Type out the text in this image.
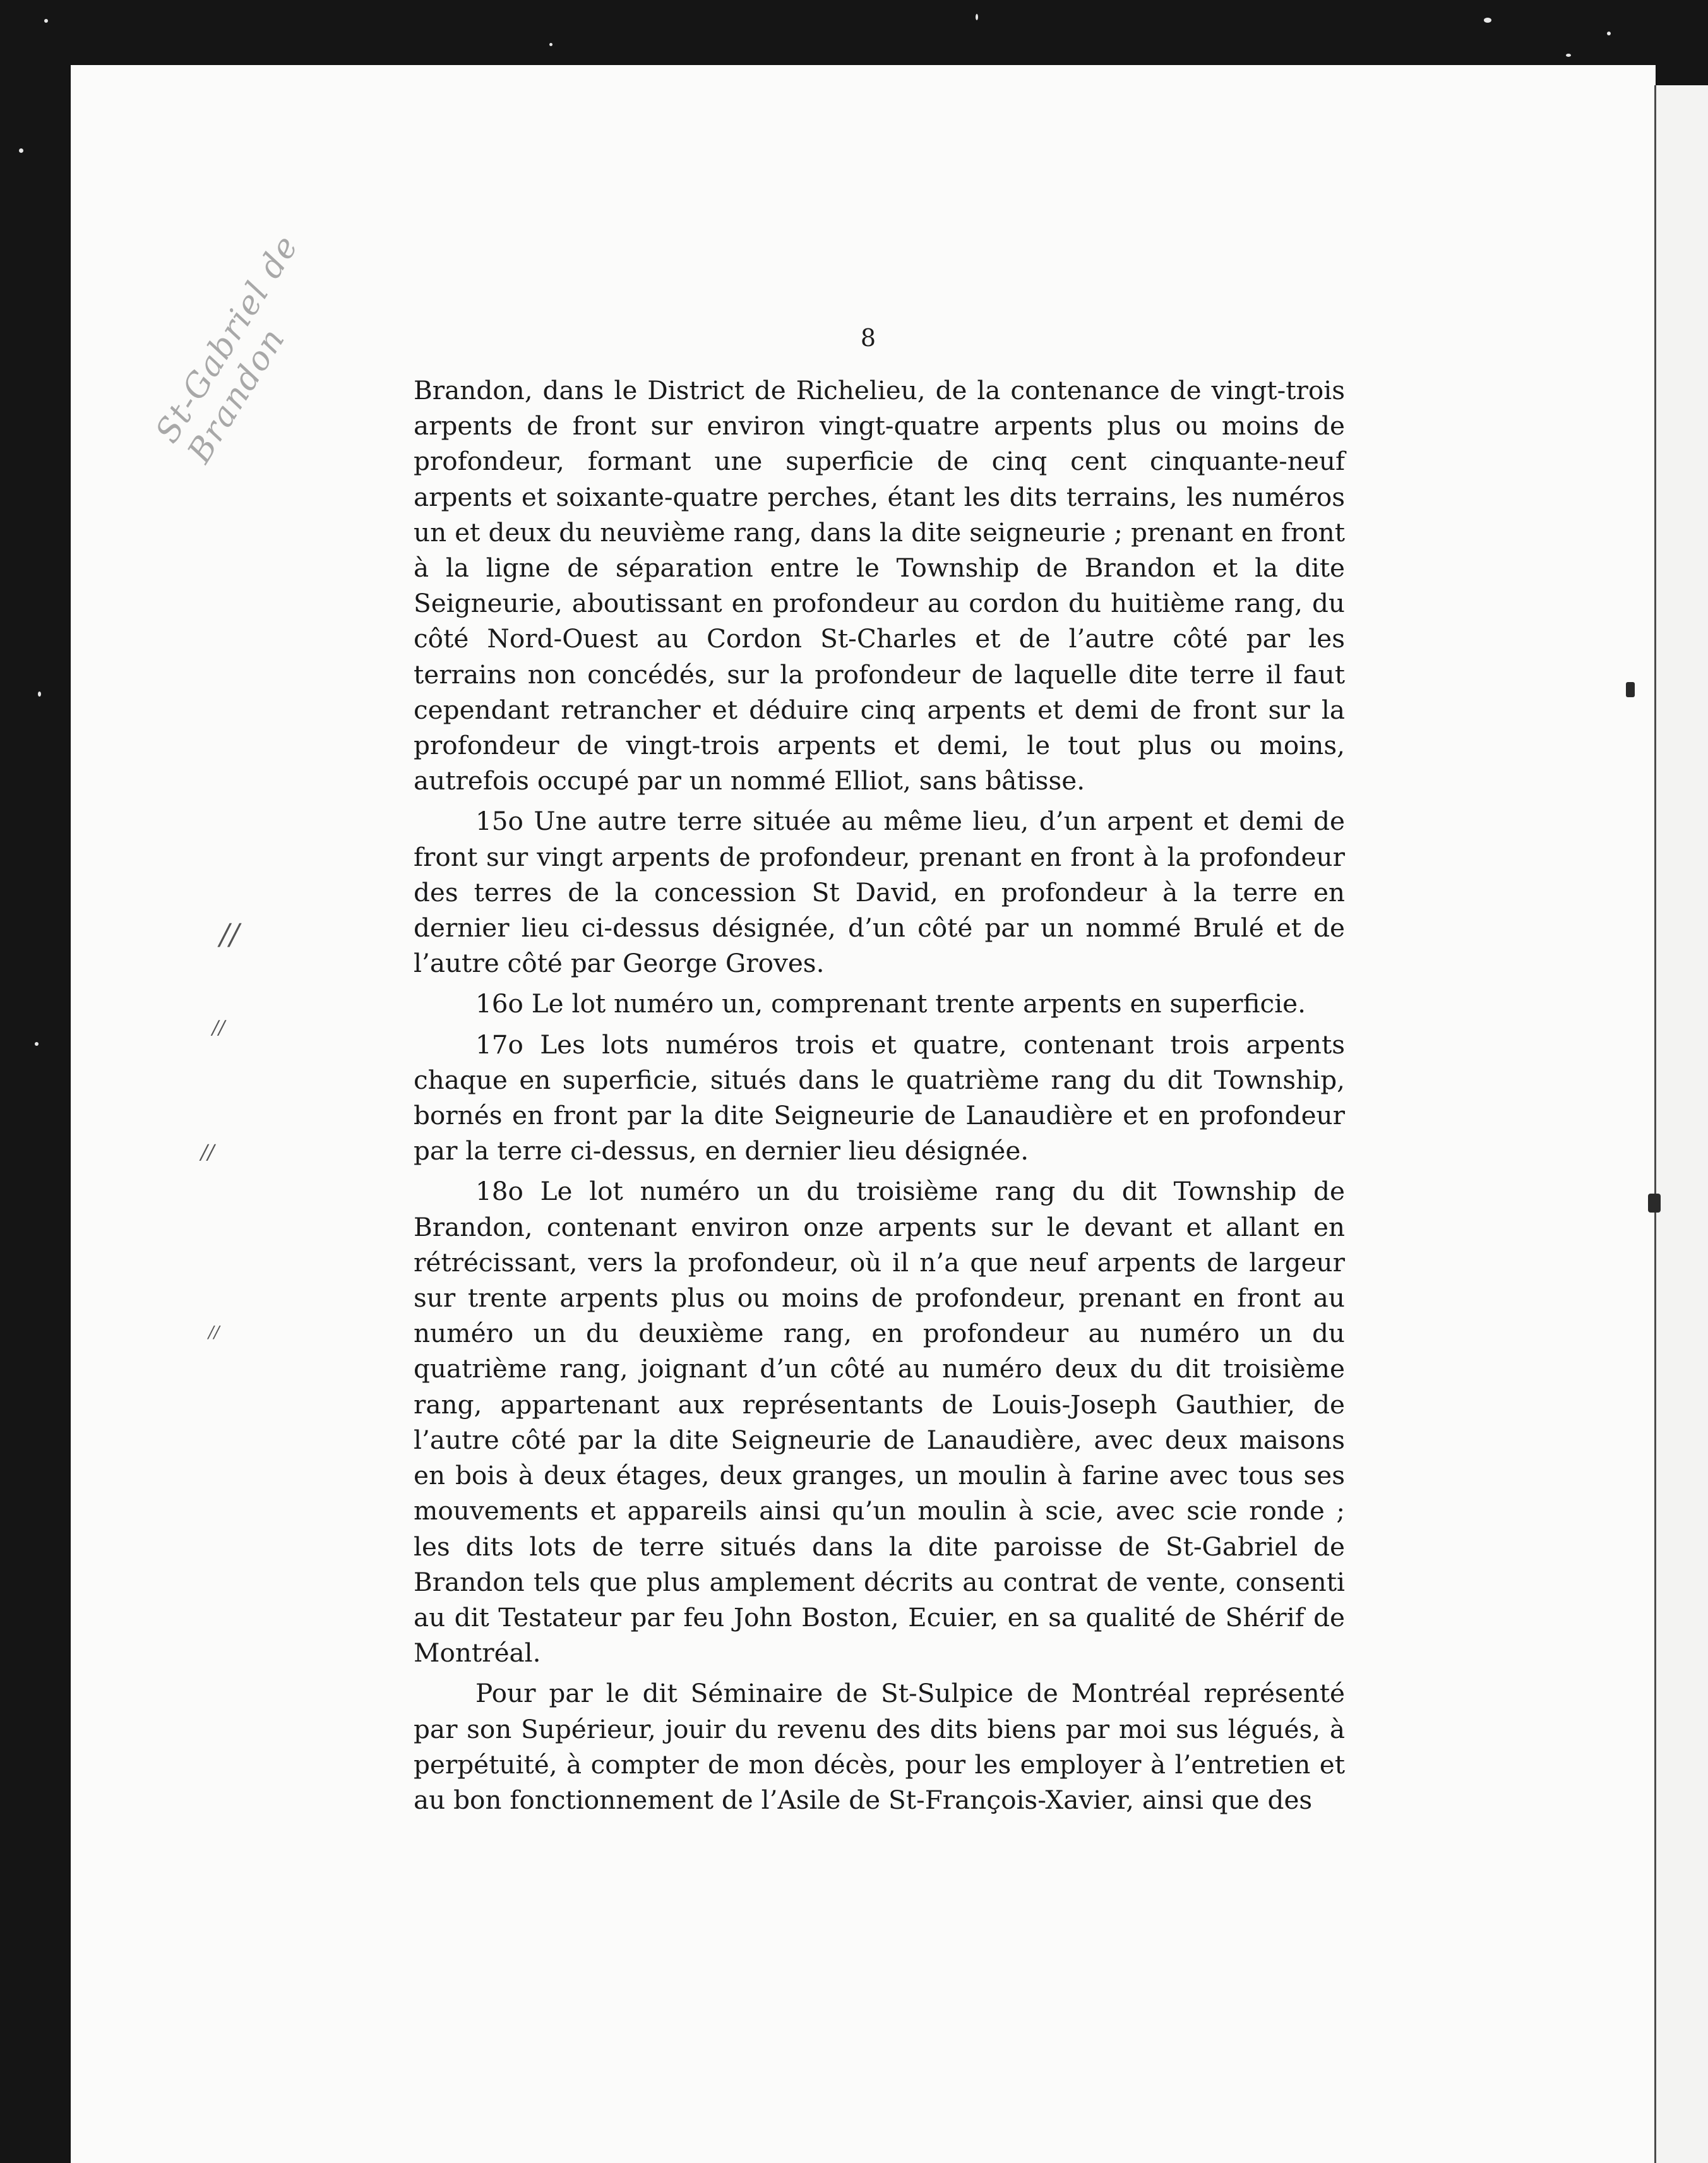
St-Gabriel de Brandon
//
//
//
//
8

Brandon, dans le District de Richelieu, de la contenance de vingt-trois arpents de front sur environ vingt-quatre arpents plus ou moins de profondeur, formant une superficie de cinq cent cinquante-neuf arpents et soixante-quatre perches, étant les dits terrains, les numéros un et deux du neuvième rang, dans la dite seigneurie ; prenant en front à la ligne de séparation entre le Township de Brandon et la dite Seigneurie, aboutissant en profondeur au cordon du huitième rang, du côté Nord-Ouest au Cordon St-Charles et de l’autre côté par les terrains non concédés, sur la profondeur de laquelle dite terre il faut cependant retrancher et déduire cinq arpents et demi de front sur la profondeur de vingt-trois arpents et demi, le tout plus ou moins, autrefois occupé par un nommé Elliot, sans bâtisse.

15o Une autre terre située au même lieu, d’un arpent et demi de front sur vingt arpents de profondeur, prenant en front à la profondeur des terres de la concession St David, en profondeur à la terre en dernier lieu ci-dessus désignée, d’un côté par un nommé Brulé et de l’autre côté par George Groves.

16o Le lot numéro un, comprenant trente arpents en superficie.

17o Les lots numéros trois et quatre, contenant trois arpents chaque en superficie, situés dans le quatrième rang du dit Township, bornés en front par la dite Seigneurie de Lanaudière et en profondeur par la terre ci-dessus, en dernier lieu désignée.

18o Le lot numéro un du troisième rang du dit Township de Brandon, contenant environ onze arpents sur le devant et allant en rétrécissant, vers la profondeur, où il n’a que neuf arpents de largeur sur trente arpents plus ou moins de profondeur, prenant en front au numéro un du deuxième rang, en profondeur au numéro un du quatrième rang, joignant d’un côté au numéro deux du dit troisième rang, appartenant aux représentants de Louis-Joseph Gauthier, de l’autre côté par la dite Seigneurie de Lanaudière, avec deux maisons en bois à deux étages, deux granges, un moulin à farine avec tous ses mouvements et appareils ainsi qu’un moulin à scie, avec scie ronde ; les dits lots de terre situés dans la dite paroisse de St-Gabriel de Brandon tels que plus amplement décrits au contrat de vente, consenti au dit Testateur par feu John Boston, Ecuier, en sa qualité de Shérif de Montréal.

Pour par le dit Séminaire de St-Sulpice de Montréal représenté par son Supérieur, jouir du revenu des dits biens par moi sus légués, à perpétuité, à compter de mon décès, pour les employer à l’entretien et au bon fonctionnement de l’Asile de St-François-Xavier, ainsi que des
